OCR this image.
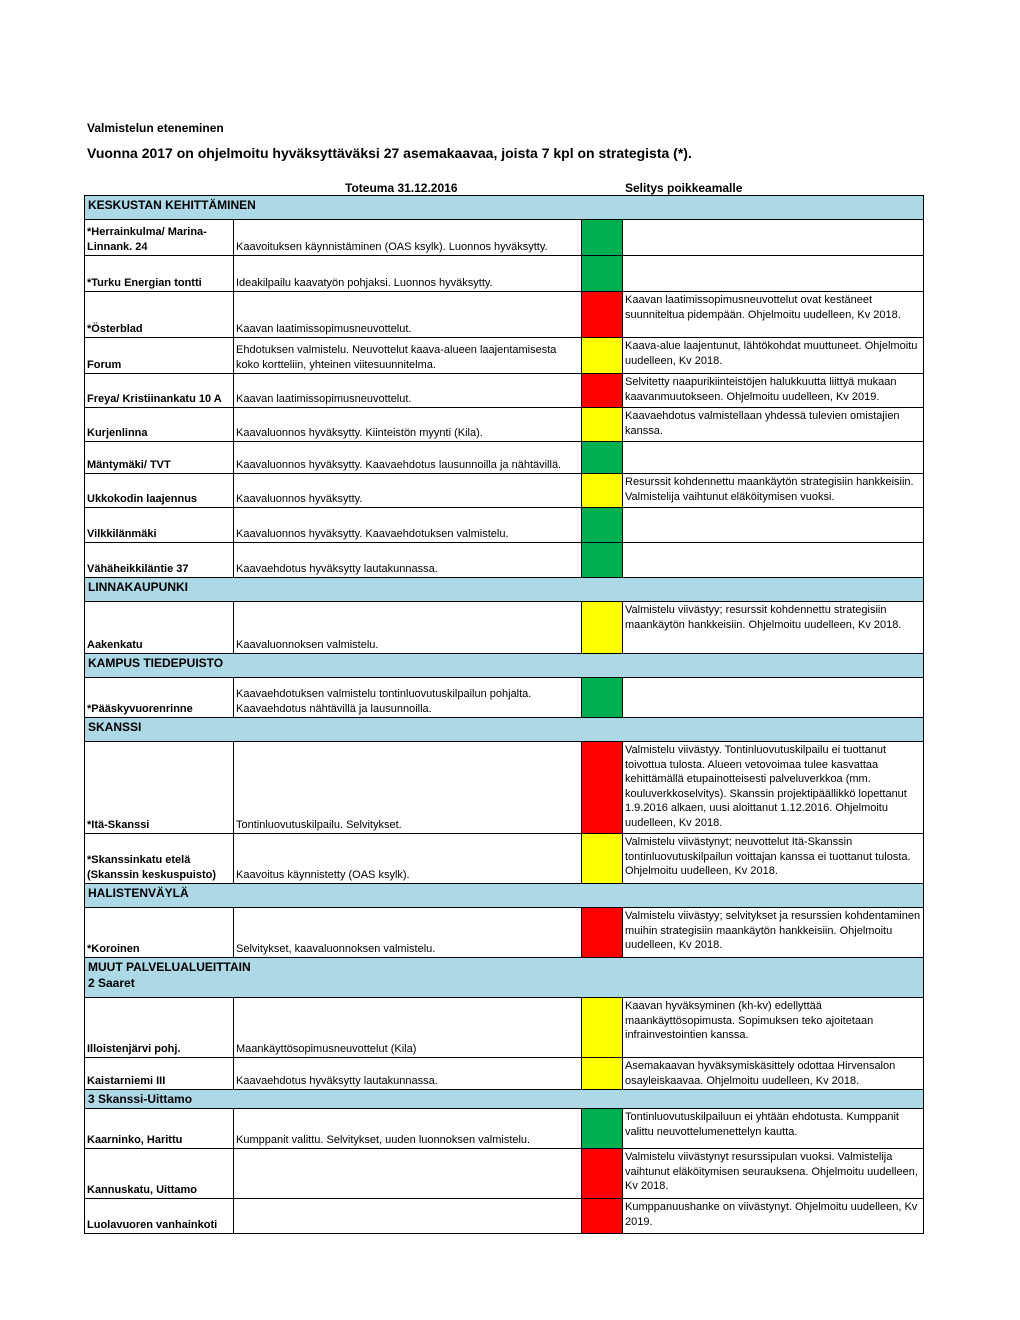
Valmistelun eteneminen
Vuonna 2017 on ohjelmoitu hyväksyttäväksi 27 asemakaavaa, joista 7 kpl on strategista (*).
Toteuma 31.12.2016	Selitys poikkeamalle
KESKUSTAN KEHITTÄMINEN			

*Herrainkulma/ Marina-Linnank. 24	Kaavoituksen käynnistäminen (OAS ksylk). Luonnos hyväksytty.		
*Turku Energian tontti	Ideakilpailu kaavatyön pohjaksi. Luonnos hyväksytty.		
*Österblad	Kaavan laatimissopimusneuvottelut.		Kaavan laatimissopimusneuvottelut ovat kestäneet suunniteltua pidempään. Ohjelmoitu uudelleen, Kv 2018.
Forum	Ehdotuksen valmistelu. Neuvottelut kaava-alueen laajentamisesta koko kortteliin, yhteinen viitesuunnitelma.		Kaava-alue laajentunut, lähtökohdat muuttuneet. Ohjelmoitu uudelleen, Kv 2018.
Freya/ Kristiinankatu 10 A	Kaavan laatimissopimusneuvottelut.		Selvitetty naapurikiinteistöjen halukkuutta liittyä mukaan kaavanmuutokseen. Ohjelmoitu uudelleen, Kv 2019.
Kurjenlinna	Kaavaluonnos hyväksytty. Kiinteistön myynti (Kila).		Kaavaehdotus valmistellaan yhdessä tulevien omistajien kanssa.
Mäntymäki/ TVT	Kaavaluonnos hyväksytty. Kaavaehdotus lausunnoilla ja nähtävillä.		
Ukkokodin laajennus	Kaavaluonnos hyväksytty.		Resurssit kohdennettu maankäytön strategisiin hankkeisiin. Valmistelija vaihtunut eläköitymisen vuoksi.
Vilkkilänmäki	Kaavaluonnos hyväksytty. Kaavaehdotuksen valmistelu.		
Vähäheikkiläntie 37	Kaavaehdotus hyväksytty lautakunnassa.		

LINNAKAUPUNKI			

Aakenkatu	Kaavaluonnoksen valmistelu.		Valmistelu viivästyy; resurssit kohdennettu strategisiin maankäytön hankkeisiin. Ohjelmoitu uudelleen, Kv 2018.

KAMPUS TIEDEPUISTO			

*Pääskyvuorenrinne	Kaavaehdotuksen valmistelu tontinluovutuskilpailun pohjalta. Kaavaehdotus nähtävillä ja lausunnoilla.		

SKANSSI			

*Itä-Skanssi	Tontinluovutuskilpailu. Selvitykset.		Valmistelu viivästyy. Tontinluovutuskilpailu ei tuottanut toivottua tulosta. Alueen vetovoimaa tulee kasvattaa kehittämällä etupainotteisesti palveluverkkoa (mm. kouluverkkoselvitys). Skanssin projektipäällikkö lopettanut 1.9.2016 alkaen, uusi aloittanut 1.12.2016. Ohjelmoitu uudelleen, Kv 2018.
*Skanssinkatu etelä (Skanssin keskuspuisto)	Kaavoitus käynnistetty (OAS ksylk).		Valmistelu viivästynyt; neuvottelut Itä-Skanssin tontinluovutuskilpailun voittajan kanssa ei tuottanut tulosta. Ohjelmoitu uudelleen, Kv 2018.

HALISTENVÄYLÄ			

*Koroinen	Selvitykset, kaavaluonnoksen valmistelu.		Valmistelu viivästyy; selvitykset ja resurssien kohdentaminen muihin strategisiin maankäytön hankkeisiin. Ohjelmoitu uudelleen, Kv 2018.

MUUT PALVELUALUEITTAIN
2 Saaret			

Illoistenjärvi pohj.	Maankäyttösopimusneuvottelut (Kila)		Kaavan hyväksyminen (kh-kv) edellyttää maankäyttösopimusta. Sopimuksen teko ajoitetaan infrainvestointien kanssa.
Kaistarniemi III	Kaavaehdotus hyväksytty lautakunnassa.		Asemakaavan hyväksymiskäsittely odottaa Hirvensalon osayleiskaavaa. Ohjelmoitu uudelleen, Kv 2018.

3 Skanssi-Uittamo			

Kaarninko, Harittu	Kumppanit valittu. Selvitykset, uuden luonnoksen valmistelu.		Tontinluovutuskilpailuun ei yhtään ehdotusta. Kumppanit valittu neuvottelumenettelyn kautta.
Kannuskatu, Uittamo			Valmistelu viivästynyt resurssipulan vuoksi. Valmistelija vaihtunut eläköitymisen seurauksena. Ohjelmoitu uudelleen, Kv 2018.
Luolavuoren vanhainkoti			Kumppanuushanke on viivästynyt. Ohjelmoitu uudelleen, Kv 2019.
